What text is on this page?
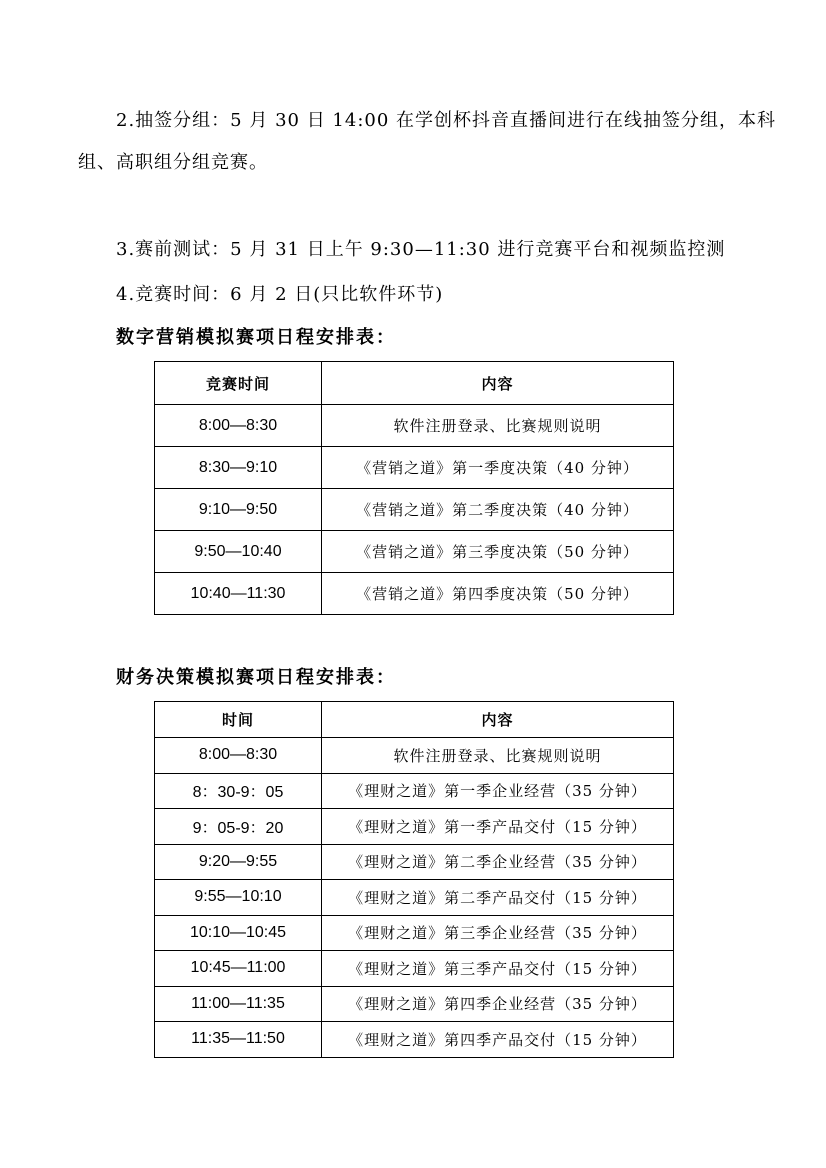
2.抽签分组：5 月 30 日 14:00 在学创杯抖音直播间进行在线抽签分组，本科
组、高职组分组竞赛。
3.赛前测试：5 月 31 日上午 9:30—11:30 进行竞赛平台和视频监控测
4.竞赛时间：6 月 2 日(只比软件环节)
数字营销模拟赛项日程安排表：
竞赛时间	内容
8:00—8:30	软件注册登录、比赛规则说明
8:30—9:10	《营销之道》第一季度决策（40 分钟）
9:10—9:50	《营销之道》第二季度决策（40 分钟）
9:50—10:40	《营销之道》第三季度决策（50 分钟）
10:40—11:30	《营销之道》第四季度决策（50 分钟）
财务决策模拟赛项日程安排表：
时间	内容
8:00—8:30	软件注册登录、比赛规则说明
8：30-9：05	《理财之道》第一季企业经营（35 分钟）
9：05-9：20	《理财之道》第一季产品交付（15 分钟）
9:20—9:55	《理财之道》第二季企业经营（35 分钟）
9:55—10:10	《理财之道》第二季产品交付（15 分钟）
10:10—10:45	《理财之道》第三季企业经营（35 分钟）
10:45—11:00	《理财之道》第三季产品交付（15 分钟）
11:00—11:35	《理财之道》第四季企业经营（35 分钟）
11:35—11:50	《理财之道》第四季产品交付（15 分钟）
